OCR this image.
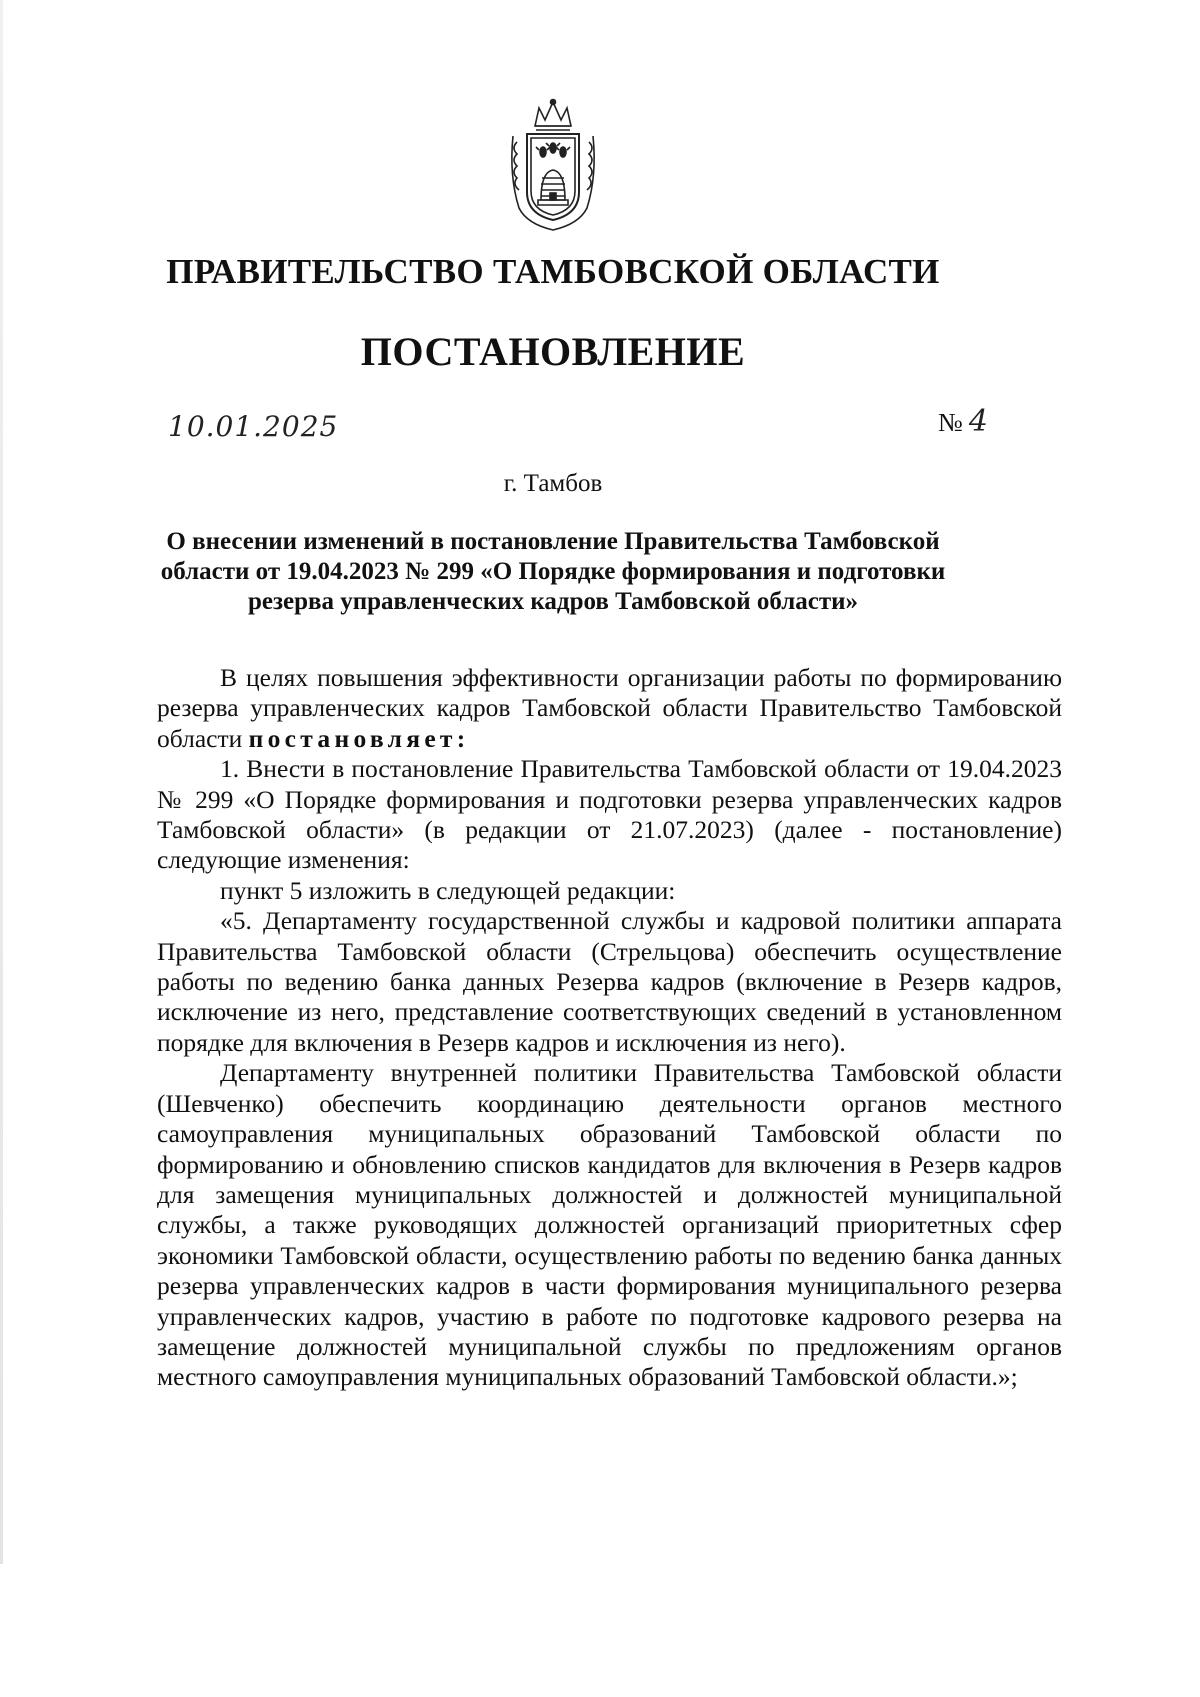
ПРАВИТЕЛЬСТВО ТАМБОВСКОЙ ОБЛАСТИ
ПОСТАНОВЛЕНИЕ
10.01.2025	№ 4
г. Тамбов
О внесении изменений в постановление Правительства Тамбовской
области от 19.04.2023 № 299 «О Порядке формирования и подготовки
резерва управленческих кадров Тамбовской области»

В целях повышения эффективности организации работы по формированию резерва управленческих кадров Тамбовской области Правительство Тамбовской области постановляет:

1. Внести в постановление Правительства Тамбовской области от 19.04.2023 № 299 «О Порядке формирования и подготовки резерва управленческих кадров Тамбовской области» (в редакции от 21.07.2023) (далее - постановление) следующие изменения:

пункт 5 изложить в следующей редакции:

«5. Департаменту государственной службы и кадровой политики аппарата Правительства Тамбовской области (Стрельцова) обеспечить осуществление работы по ведению банка данных Резерва кадров (включение в Резерв кадров, исключение из него, представление соответствующих сведений в установленном порядке для включения в Резерв кадров и исключения из него).

Департаменту внутренней политики Правительства Тамбовской области (Шевченко) обеспечить координацию деятельности органов местного самоуправления муниципальных образований Тамбовской области по формированию и обновлению списков кандидатов для включения в Резерв кадров для замещения муниципальных должностей и должностей муниципальной службы, а также руководящих должностей организаций приоритетных сфер экономики Тамбовской области, осуществлению работы по ведению банка данных резерва управленческих кадров в части формирования муниципального резерва управленческих кадров, участию в работе по подготовке кадрового резерва на замещение должностей муниципальной службы по предложениям органов местного самоуправления муниципальных образований Тамбовской области.»;
